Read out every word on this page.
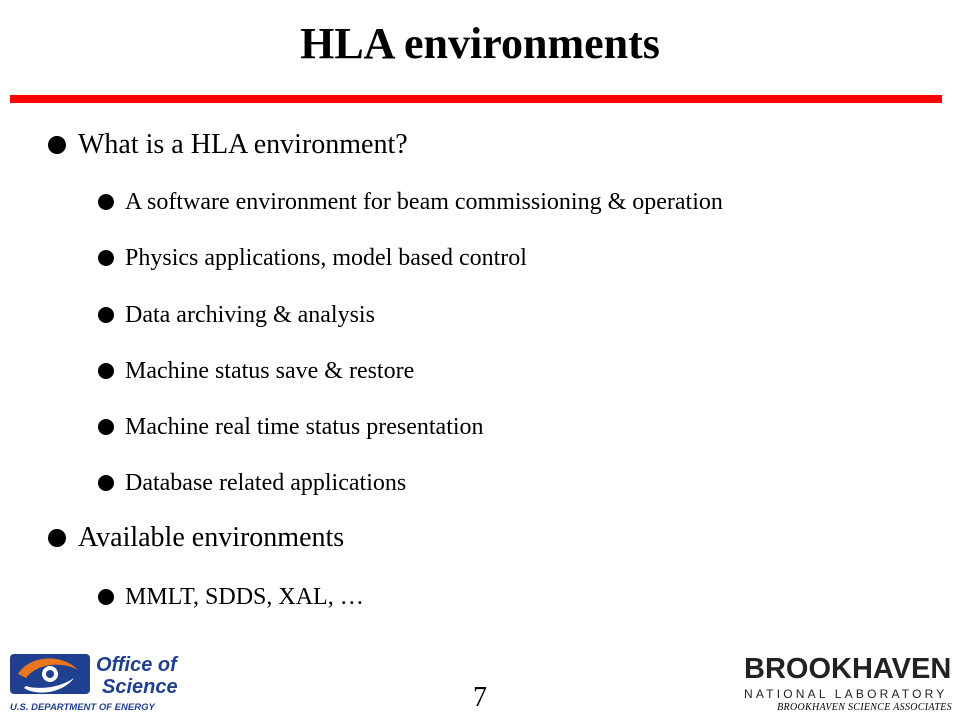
HLA environments
What is a HLA environment?
A software environment for beam commissioning & operation
Physics applications, model based control
Data archiving & analysis
Machine status save & restore
Machine real time status presentation
Database related applications
Available environments
MMLT, SDDS, XAL, …
Office of
Science
U.S. DEPARTMENT OF ENERGY	7
BROOKHAVEN
NATIONAL LABORATORY
BROOKHAVEN SCIENCE ASSOCIATES
